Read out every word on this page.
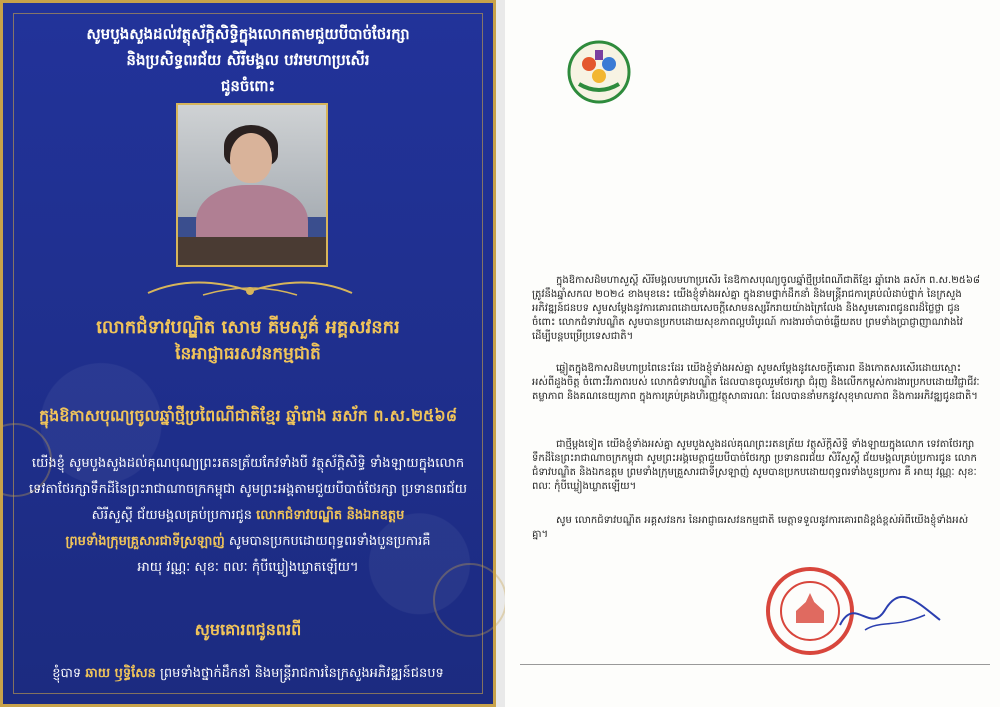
សូមបួងសួងដល់វត្ថុស័ក្តិសិទ្ធិក្នុងលោកតាមជួយបីបាច់ថែរក្សា
និងប្រសិទ្ធពរជ័យ សិរីមង្គល បវរមហាប្រសើរ
ជូនចំពោះ
លោកជំទាវបណ្ឌិត សោម គីមសួគ៌ អគ្គសវនករ
នៃអាជ្ញាធរសវនកម្មជាតិ
ក្នុងឱកាសបុណ្យចូលឆ្នាំថ្មីប្រពៃណីជាតិខ្មែរ ឆ្នាំរោង ឆស័ក ព.ស.២៥៦៨
យើងខ្ញុំ សូមបួងសួងដល់គុណបុណ្យព្រះរតនត្រ័យកែវទាំងបី វត្ថុស័ក្តិសិទ្ធិ ទាំងឡាយក្នុងលោក
ទេវតាថែរក្សាទឹកដីនៃព្រះរាជាណាចក្រកម្ពុជា សូមព្រះអង្គតាមជួយបីបាច់ថែរក្សា ប្រទានពរជ័យ
សិរីសួស្តី ជ័យមង្គលគ្រប់ប្រការជូន លោកជំទាវបណ្ឌិត និងឯកឧត្តម
ព្រមទាំងក្រុមគ្រួសារជាទីស្រឡាញ់ សូមបានប្រកបដោយពុទ្ធពរទាំងបួនប្រការគឺ
អាយុ វណ្ណៈ សុខៈ ពលៈ កុំបីឃ្លៀងឃ្លាតឡើយ។
សូមគោរពជូនពរពី
ខ្ញុំបាទ ឆាយ ឫទ្ធិសែន ព្រមទាំងថ្នាក់ដឹកនាំ និងមន្ត្រីរាជការនៃក្រសួងអភិវឌ្ឍន៍ជនបទ
ក្នុងឱកាសដ៏មហាសួស្តី សិរីមង្គលមហាប្រសើរ នៃឱកាសបុណ្យចូលឆ្នាំថ្មីប្រពៃណីជាតិខ្មែរ ឆ្នាំរោង ឆស័ក ព.ស.២៥៦៨ ត្រូវនឹងឆ្នាំសកល ២០២៤ ខាងមុខនេះ យើងខ្ញុំទាំងអស់គ្នា ក្នុងនាមថ្នាក់ដឹកនាំ និងមន្ត្រីរាជការគ្រប់លំដាប់ថ្នាក់ នៃក្រសួងអភិវឌ្ឍន៍ជនបទ សូមសម្តែងនូវការគោរពដោយសេចក្តីសោមនស្សរីករាយយ៉ាងក្រៃលែង និងសូមគោរពជូនពរដ៏ថ្លៃថ្លា ជូនចំពោះ លោកជំទាវបណ្ឌិត សូមបានប្រកបដោយសុខភាពល្អបរិបូរណ៍ ការងារចាំបាច់ឆ្លើយតប ព្រមទាំងប្រាជ្ញាញាណវាងវៃ ដើម្បីបន្តបម្រើប្រទេសជាតិ។
ឆ្លៀតក្នុងឱកាសដ៏មហាប្រពៃនេះដែរ យើងខ្ញុំទាំងអស់គ្នា សូមសម្តែងនូវសេចក្តីគោរព និងកោតសរសើរដោយស្មោះអស់ពីដួងចិត្ត ចំពោះវីរភាពរបស់ លោកជំទាវបណ្ឌិត ដែលបានចូលរួមថែរក្សា ជំរុញ និងលើកកម្ពស់ការងារប្រកបដោយវិជ្ជាជីវៈ តម្លាភាព និងគណនេយ្យភាព ក្នុងការគ្រប់គ្រងហិរញ្ញវត្ថុសាធារណៈ ដែលបាននាំមកនូវសុខុមាលភាព និងការអភិវឌ្ឍជូនជាតិ។
ជាថ្មីម្តងទៀត យើងខ្ញុំទាំងអស់គ្នា សូមបួងសួងដល់គុណព្រះរតនត្រ័យ វត្ថុស័ក្តិសិទ្ធិ ទាំងឡាយក្នុងលោក ទេវតាថែរក្សាទឹកដីនៃព្រះរាជាណាចក្រកម្ពុជា សូមព្រះអង្គមេត្តាជួយបីបាច់ថែរក្សា ប្រទានពរជ័យ សិរីសួស្តី ជ័យមង្គលគ្រប់ប្រការជូន លោកជំទាវបណ្ឌិត និងឯកឧត្តម ព្រមទាំងក្រុមគ្រួសារជាទីស្រឡាញ់ សូមបានប្រកបដោយពុទ្ធពរទាំងបួនប្រការ គឺ អាយុ វណ្ណៈ សុខៈ ពលៈ កុំបីឃ្លៀងឃ្លាតឡើយ។
សូម លោកជំទាវបណ្ឌិត អគ្គសវនករ នៃអាជ្ញាធរសវនកម្មជាតិ មេត្តាទទួលនូវការគោរពដ៏ខ្ពង់ខ្ពស់អំពីយើងខ្ញុំទាំងអស់គ្នា។
